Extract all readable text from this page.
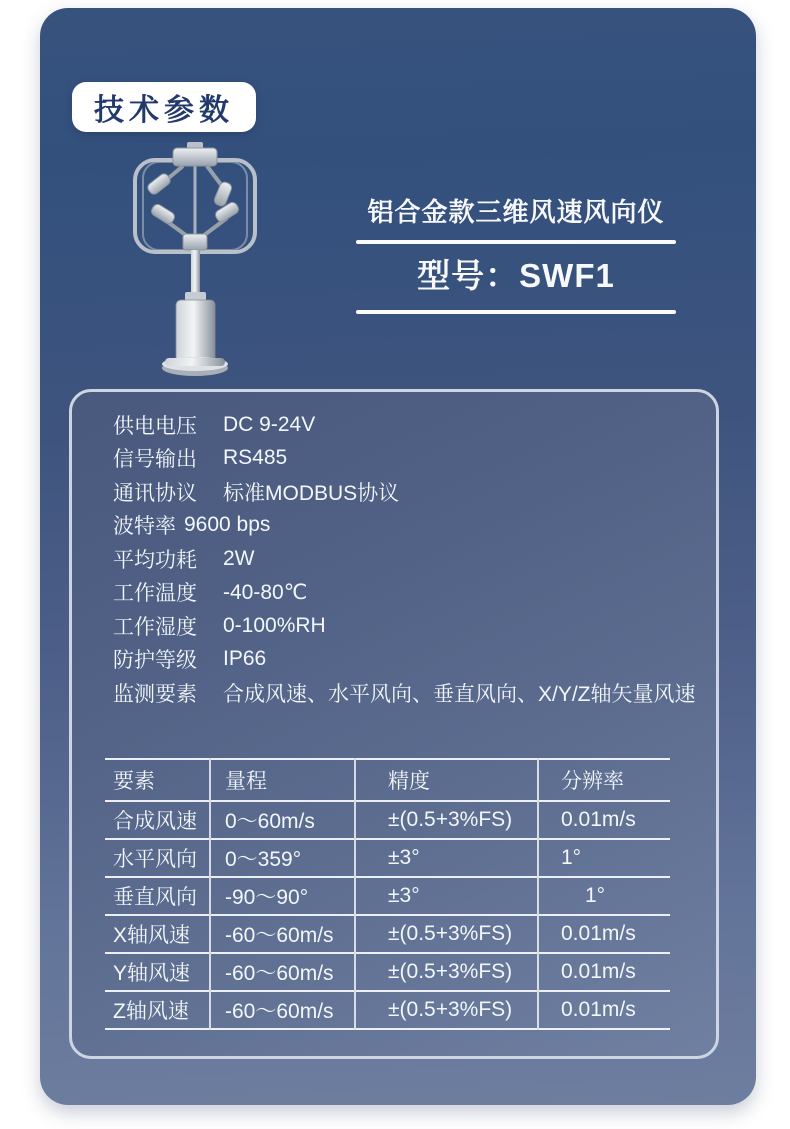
技术参数
铝合金款三维风速风向仪
型号：SWF1
供电电压	DC 9-24V
信号输出	RS485
通讯协议	标准MODBUS协议
波特率 9600 bps
平均功耗	2W
工作温度	-40-80℃
工作湿度	0-100%RH
防护等级	IP66
监测要素	合成风速、水平风向、垂直风向、X/Y/Z轴矢量风速
要素	量程	精度	分辨率
合成风速	0～60m/s	±(0.5+3%FS)	0.01m/s
水平风向	0～359°	±3°	1°
垂直风向	-90～90°	±3°	1°
X轴风速	-60～60m/s	±(0.5+3%FS)	0.01m/s
Y轴风速	-60～60m/s	±(0.5+3%FS)	0.01m/s
Z轴风速	-60～60m/s	±(0.5+3%FS)	0.01m/s
